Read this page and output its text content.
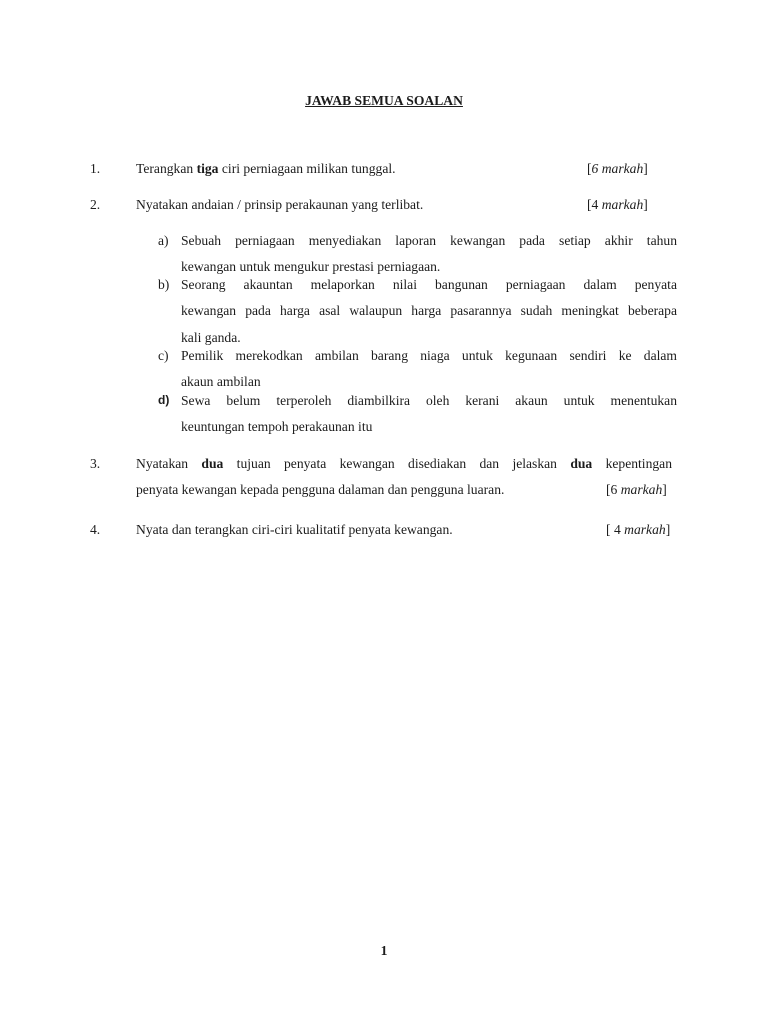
JAWAB SEMUA SOALAN
1.	Terangkan tiga ciri perniagaan milikan tunggal.	[6 markah]
2.	Nyatakan andaian / prinsip perakaunan yang terlibat.	[4 markah]
a) Sebuah perniagaan menyediakan laporan kewangan pada setiap akhir tahun
kewangan untuk mengukur prestasi perniagaan.
b) Seorang akauntan melaporkan nilai bangunan perniagaan dalam penyata
kewangan pada harga asal walaupun harga pasarannya sudah meningkat beberapa
kali ganda.
c) Pemilik merekodkan ambilan barang niaga untuk kegunaan sendiri ke dalam
akaun ambilan
d) Sewa belum terperoleh diambilkira oleh kerani akaun untuk menentukan
keuntungan tempoh perakaunan itu
3.	Nyatakan dua tujuan penyata kewangan disediakan dan jelaskan dua kepentingan
penyata kewangan kepada pengguna dalaman dan pengguna luaran.	[6 markah]
4.	Nyata dan terangkan ciri-ciri kualitatif penyata kewangan.	[ 4 markah]
1
